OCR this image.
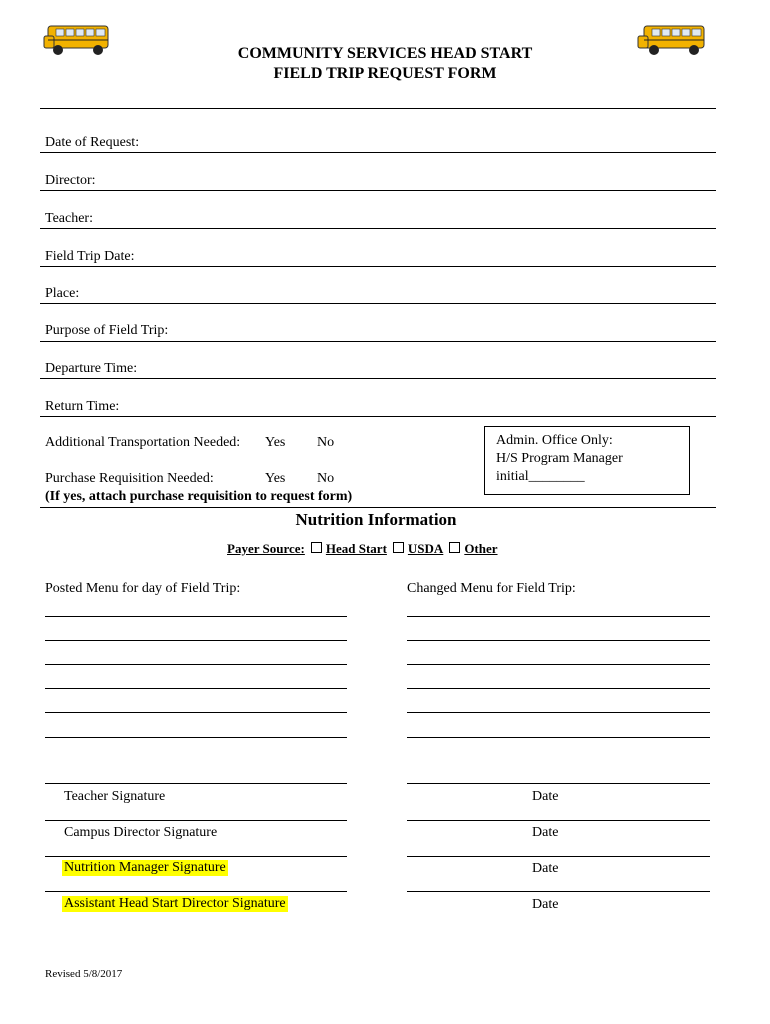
COMMUNITY SERVICES HEAD START
FIELD TRIP REQUEST FORM
Date of Request:
Director:
Teacher:
Field Trip Date:
Place:
Purpose of Field Trip:
Departure Time:
Return Time:
Additional Transportation Needed: Yes No
Purchase Requisition Needed:	Yes No
(If yes, attach purchase requisition to request form)
Admin. Office Only:
H/S Program Manager
initial________
Nutrition Information
Payer Source: Head Start USDA Other
Posted Menu for day of Field Trip:	Changed Menu for Field Trip:
Teacher Signature	Date
Campus Director Signature	Date
Nutrition Manager Signature	Date
Assistant Head Start Director Signature	Date
Revised 5/8/2017
